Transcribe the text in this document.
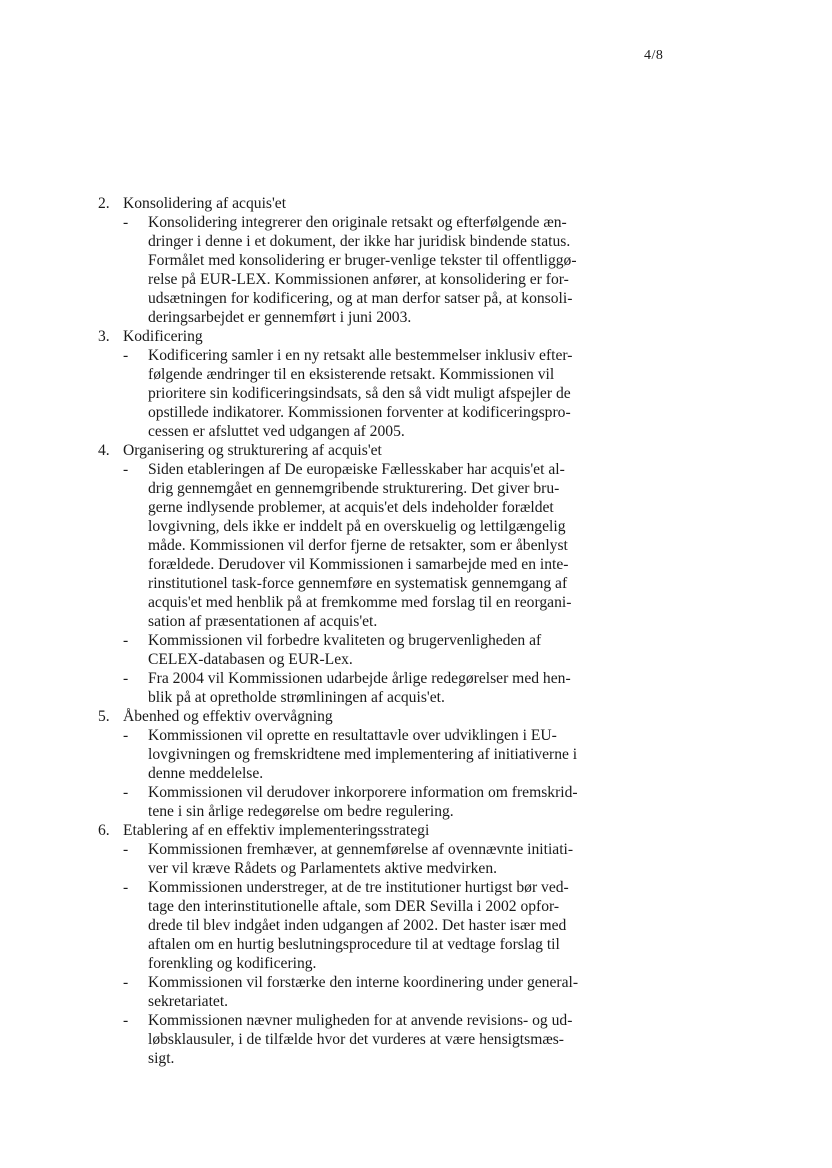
4/8
2. Konsolidering af acquis'et
-	Konsolidering integrerer den originale retsakt og efterfølgende æn-
dringer i denne i et dokument, der ikke har juridisk bindende status.
Formålet med konsolidering er bruger-venlige tekster til offentliggø-
relse på EUR-LEX. Kommissionen anfører, at konsolidering er for-
udsætningen for kodificering, og at man derfor satser på, at konsoli-
deringsarbejdet er gennemført i juni 2003.
3. Kodificering
-	Kodificering samler i en ny retsakt alle bestemmelser inklusiv efter-
følgende ændringer til en eksisterende retsakt. Kommissionen vil
prioritere sin kodificeringsindsats, så den så vidt muligt afspejler de
opstillede indikatorer. Kommissionen forventer at kodificeringspro-
cessen er afsluttet ved udgangen af 2005.
4. Organisering og strukturering af acquis'et
-	Siden etableringen af De europæiske Fællesskaber har acquis'et al-
drig gennemgået en gennemgribende strukturering. Det giver bru-
gerne indlysende problemer, at acquis'et dels indeholder forældet
lovgivning, dels ikke er inddelt på en overskuelig og lettilgængelig
måde. Kommissionen vil derfor fjerne de retsakter, som er åbenlyst
forældede. Derudover vil Kommissionen i samarbejde med en inte-
rinstitutionel task-force gennemføre en systematisk gennemgang af
acquis'et med henblik på at fremkomme med forslag til en reorgani-
sation af præsentationen af acquis'et.
-	Kommissionen vil forbedre kvaliteten og brugervenligheden af
CELEX-databasen og EUR-Lex.
-	Fra 2004 vil Kommissionen udarbejde årlige redegørelser med hen-
blik på at opretholde strømliningen af acquis'et.
5. Åbenhed og effektiv overvågning
-	Kommissionen vil oprette en resultattavle over udviklingen i EU-
lovgivningen og fremskridtene med implementering af initiativerne i
denne meddelelse.
-	Kommissionen vil derudover inkorporere information om fremskrid-
tene i sin årlige redegørelse om bedre regulering.
6. Etablering af en effektiv implementeringsstrategi
-	Kommissionen fremhæver, at gennemførelse af ovennævnte initiati-
ver vil kræve Rådets og Parlamentets aktive medvirken.
-	Kommissionen understreger, at de tre institutioner hurtigst bør ved-
tage den interinstitutionelle aftale, som DER Sevilla i 2002 opfor-
drede til blev indgået inden udgangen af 2002. Det haster især med
aftalen om en hurtig beslutningsprocedure til at vedtage forslag til
forenkling og kodificering.
-	Kommissionen vil forstærke den interne koordinering under general-
sekretariatet.
-	Kommissionen nævner muligheden for at anvende revisions- og ud-
løbsklausuler, i de tilfælde hvor det vurderes at være hensigtsmæs-
sigt.
